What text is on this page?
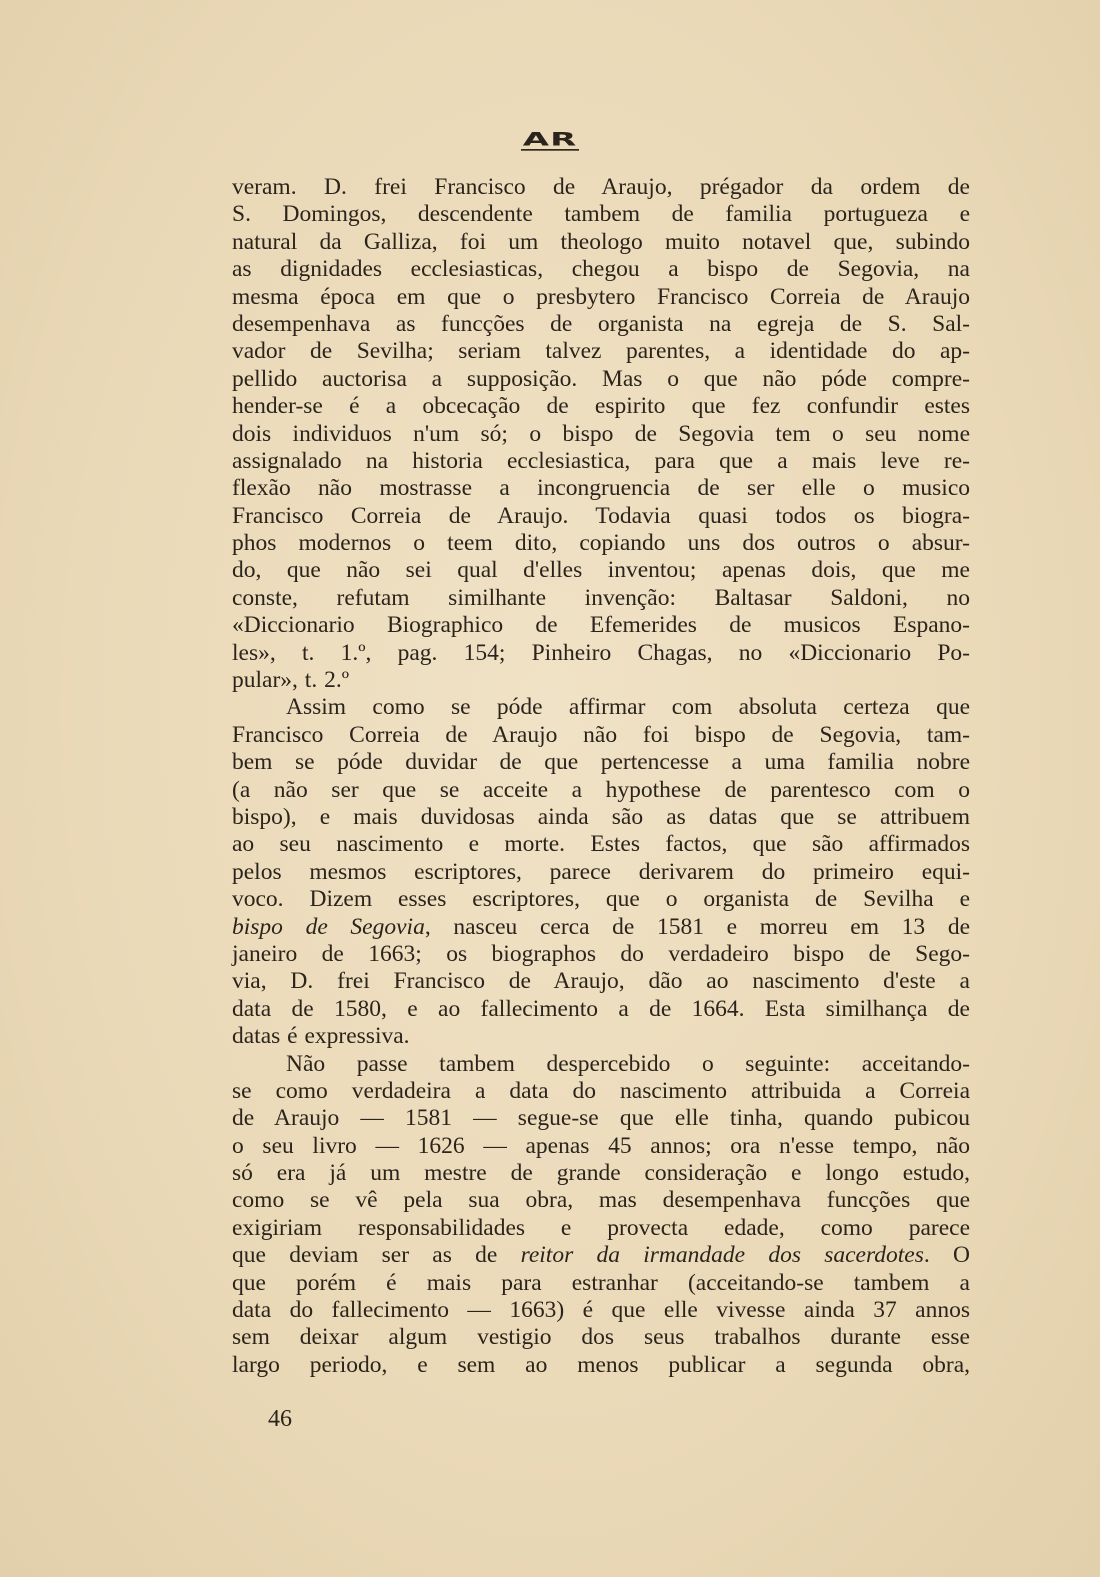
AR
veram. D. frei Francisco de Araujo, prégador da ordem de
S. Domingos, descendente tambem de familia portugueza e
natural da Galliza, foi um theologo muito notavel que, subindo
as dignidades ecclesiasticas, chegou a bispo de Segovia, na
mesma época em que o presbytero Francisco Correia de Araujo
desempenhava as funcções de organista na egreja de S. Sal-
vador de Sevilha; seriam talvez parentes, a identidade do ap-
pellido auctorisa a supposição. Mas o que não póde compre-
hender-se é a obcecação de espirito que fez confundir estes
dois individuos n'um só; o bispo de Segovia tem o seu nome
assignalado na historia ecclesiastica, para que a mais leve re-
flexão não mostrasse a incongruencia de ser elle o musico
Francisco Correia de Araujo. Todavia quasi todos os biogra-
phos modernos o teem dito, copiando uns dos outros o absur-
do, que não sei qual d'elles inventou; apenas dois, que me
conste, refutam similhante invenção: Baltasar Saldoni, no
«Diccionario Biographico de Efemerides de musicos Espano-
les», t. 1.º, pag. 154; Pinheiro Chagas, no «Diccionario Po-
pular», t. 2.º
Assim como se póde affirmar com absoluta certeza que
Francisco Correia de Araujo não foi bispo de Segovia, tam-
bem se póde duvidar de que pertencesse a uma familia nobre
(a não ser que se acceite a hypothese de parentesco com o
bispo), e mais duvidosas ainda são as datas que se attribuem
ao seu nascimento e morte. Estes factos, que são affirmados
pelos mesmos escriptores, parece derivarem do primeiro equi-
voco. Dizem esses escriptores, que o organista de Sevilha e
bispo de Segovia, nasceu cerca de 1581 e morreu em 13 de
janeiro de 1663; os biographos do verdadeiro bispo de Sego-
via, D. frei Francisco de Araujo, dão ao nascimento d'este a
data de 1580, e ao fallecimento a de 1664. Esta similhança de
datas é expressiva.
Não passe tambem despercebido o seguinte: acceitando-
se como verdadeira a data do nascimento attribuida a Correia
de Araujo — 1581 — segue-se que elle tinha, quando pubicou
o seu livro — 1626 — apenas 45 annos; ora n'esse tempo, não
só era já um mestre de grande consideração e longo estudo,
como se vê pela sua obra, mas desempenhava funcções que
exigiriam responsabilidades e provecta edade, como parece
que deviam ser as de reitor da irmandade dos sacerdotes. O
que porém é mais para estranhar (acceitando-se tambem a
data do fallecimento — 1663) é que elle vivesse ainda 37 annos
sem deixar algum vestigio dos seus trabalhos durante esse
largo periodo, e sem ao menos publicar a segunda obra,
46
